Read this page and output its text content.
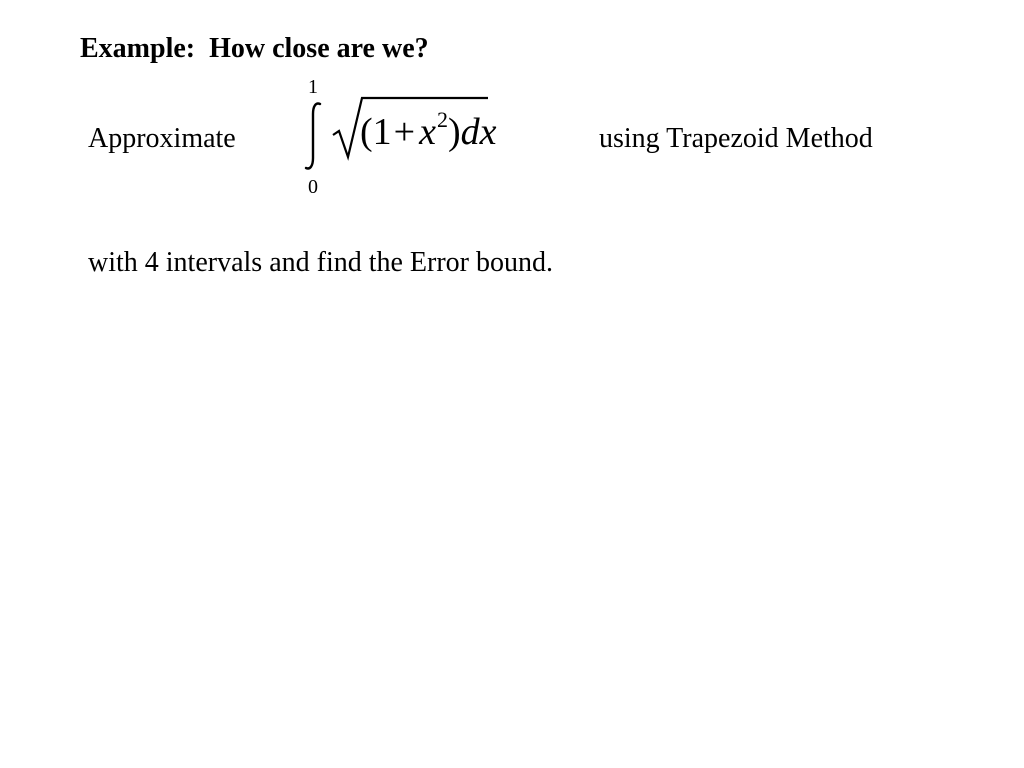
Example:  How close are we?
Approximate
1
$(1+ x^2)dx$
0
using Trapezoid Method
with 4 intervals and find the Error bound.
